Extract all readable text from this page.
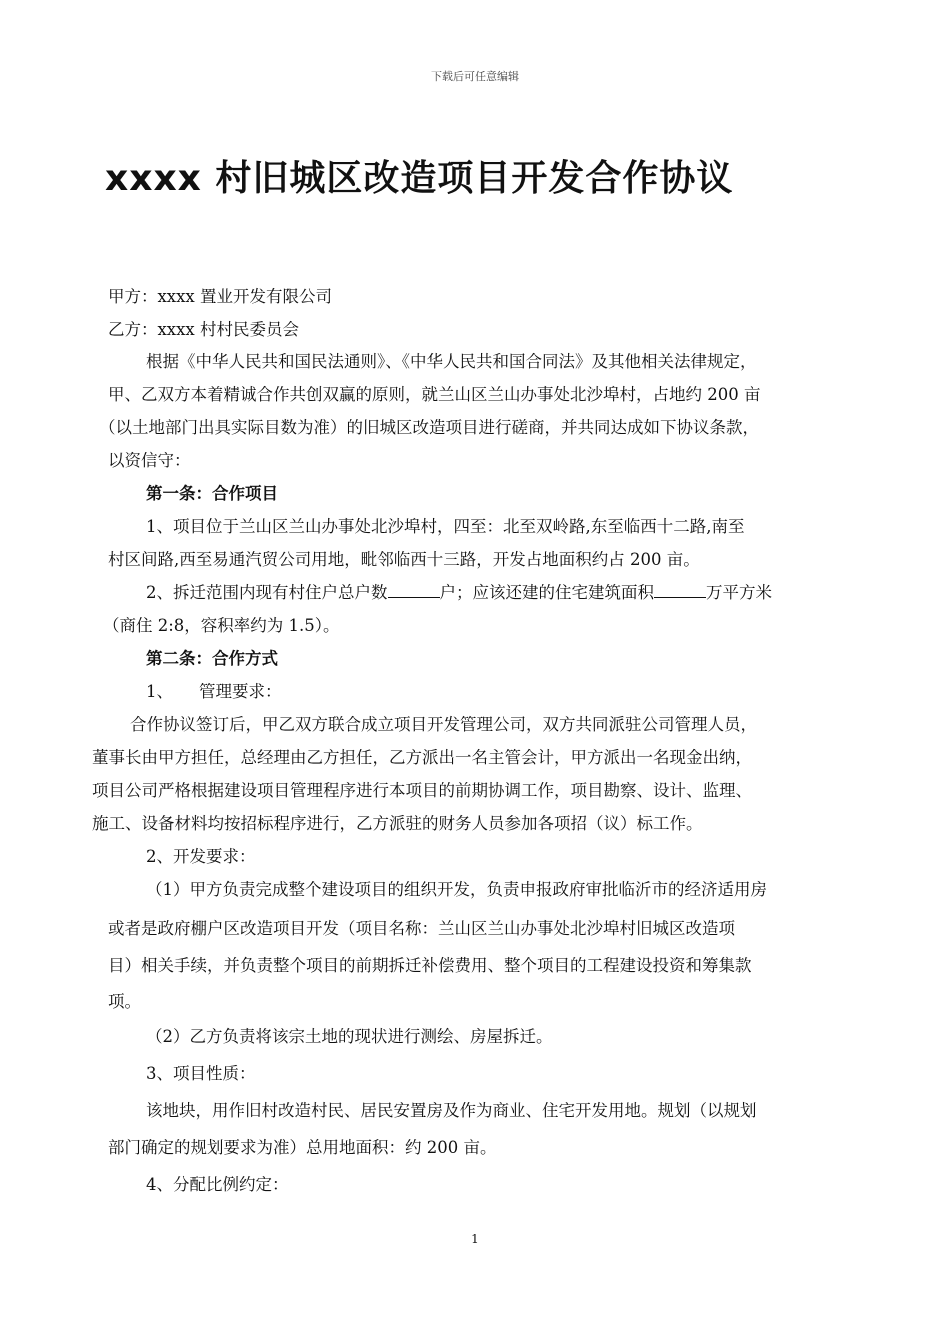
下载后可任意编辑
xxxx 村旧城区改造项目开发合作协议

甲方：xxxx 置业开发有限公司

乙方：xxxx 村村民委员会

根据《中华人民共和国民法通则》、《中华人民共和国合同法》及其他相关法律规定，

甲、乙双方本着精诚合作共创双赢的原则，就兰山区兰山办事处北沙埠村，占地约 200 亩

（以土地部门出具实际目数为准）的旧城区改造项目进行磋商，并共同达成如下协议条款，

以资信守：

第一条：合作项目

1、项目位于兰山区兰山办事处北沙埠村，四至：北至双岭路,东至临西十二路,南至

村区间路,西至易通汽贸公司用地，毗邻临西十三路，开发占地面积约占 200 亩。

2、拆迁范围内现有村住户总户数	户；应该还建的住宅建筑面积	万平方米

（商住 2:8，容积率约为 1.5）。

第二条：合作方式

1、 管理要求：

合作协议签订后，甲乙双方联合成立项目开发管理公司，双方共同派驻公司管理人员，

董事长由甲方担任，总经理由乙方担任，乙方派出一名主管会计，甲方派出一名现金出纳，

项目公司严格根据建设项目管理程序进行本项目的前期协调工作，项目勘察、设计、监理、

施工、设备材料均按招标程序进行，乙方派驻的财务人员参加各项招（议）标工作。

2、开发要求：

（1）甲方负责完成整个建设项目的组织开发，负责申报政府审批临沂市的经济适用房

或者是政府棚户区改造项目开发（项目名称：兰山区兰山办事处北沙埠村旧城区改造项

目）相关手续，并负责整个项目的前期拆迁补偿费用、整个项目的工程建设投资和筹集款

项。

（2）乙方负责将该宗土地的现状进行测绘、房屋拆迁。

3、项目性质：

该地块，用作旧村改造村民、居民安置房及作为商业、住宅开发用地。规划（以规划

部门确定的规划要求为准）总用地面积：约 200 亩。

4、分配比例约定：

1
